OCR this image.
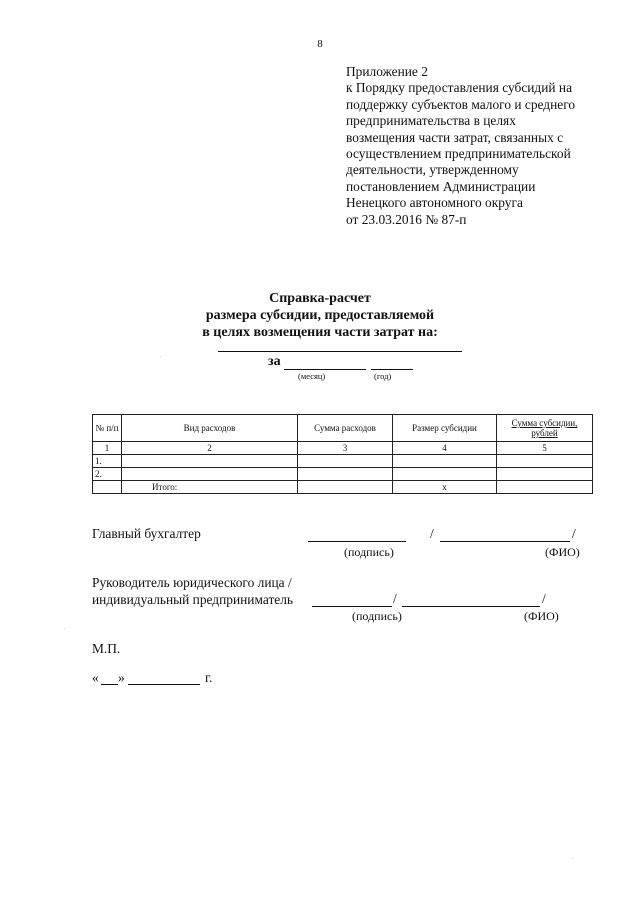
8
Приложение 2
к Порядку предоставления субсидий на
поддержку субъектов малого и среднего
предпринимательства в целях
возмещения части затрат, связанных с
осуществлением предпринимательской
деятельности, утвержденному
постановлением Администрации
Ненецкого автономного округа
от 23.03.2016 № 87-п
Справка-расчет
размера субсидии, предоставляемой
в целях возмещения части затрат на:
за
(месяц)	(год)
№ п/п	Вид расходов	Сумма расходов	Размер субсидии	Сумма субсидии, рублей
1	2	3	4	5
1.				
2.				
	Итого:		х	
Главный бухгалтер	/	/
(подпись)	(ФИО)
Руководитель юридического лица /
индивидуальный предприниматель	/	/
(подпись)	(ФИО)
М.П.
« »	г.
.
.
.
